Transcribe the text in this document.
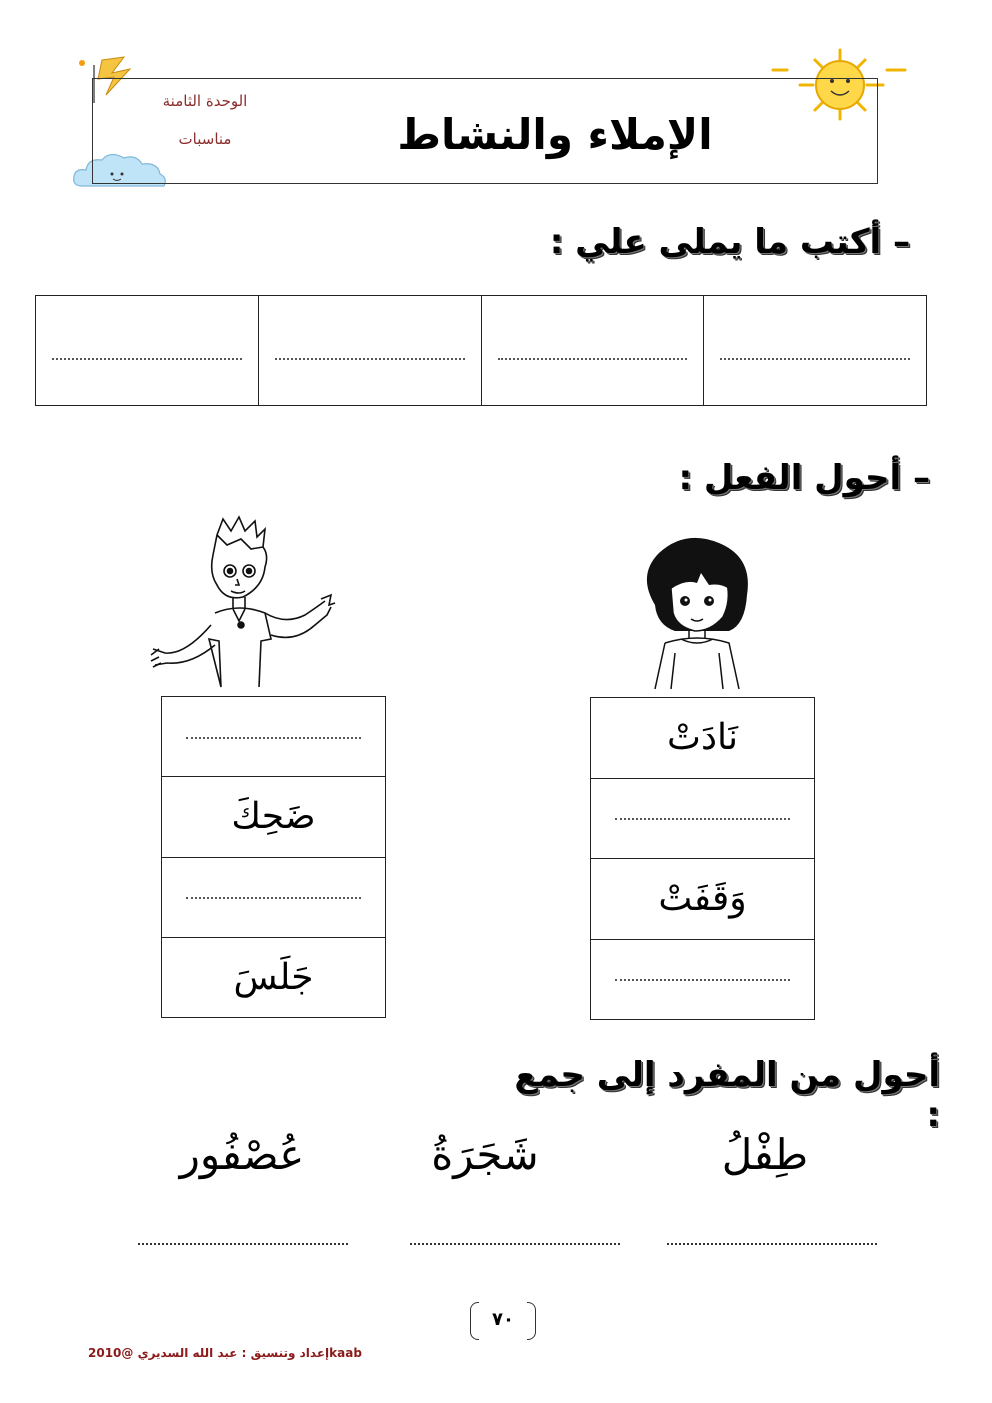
الوحدة الثامنة
مناسبات	الإملاء والنشاط
– أكتب ما يملى علي :
– أحول الفعل :
ضَحِكَ
جَلَسَ
نَادَتْ
وَقَفَتْ
أحول من المفرد إلى جمع :
طِفْلُ
شَجَرَةُ
عُصْفُور
٧٠
إعداد وتنسيق : عبد الله السديري @2010kaab
